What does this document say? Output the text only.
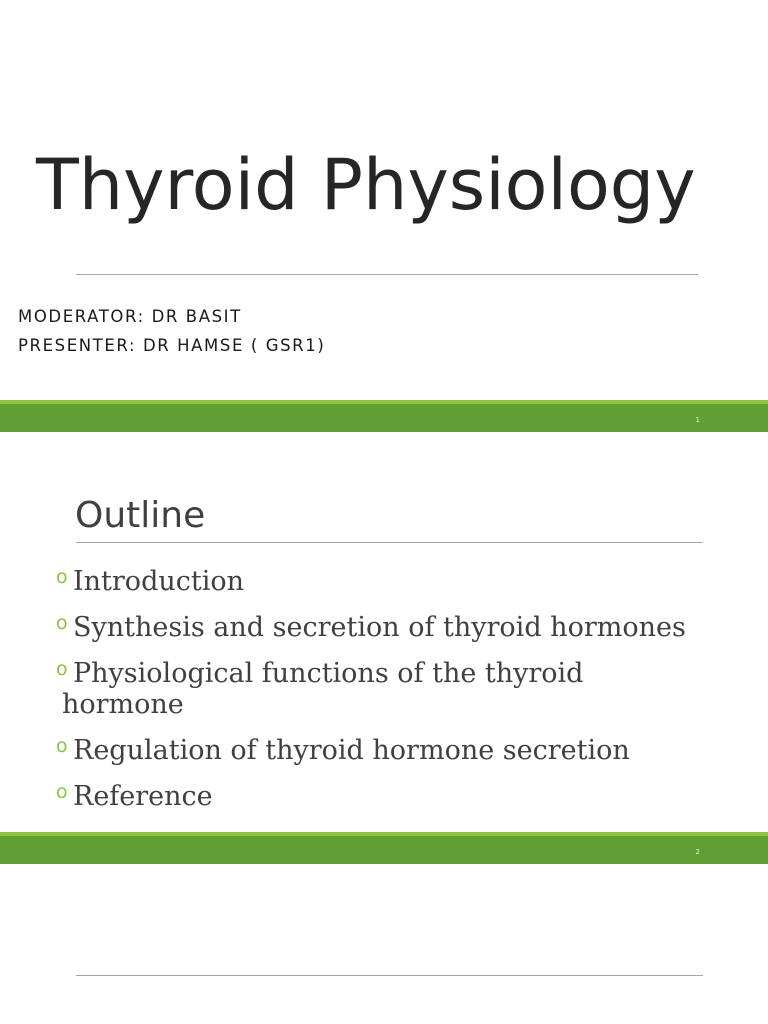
Thyroid Physiology
MODERATOR: DR BASIT
PRESENTER: DR HAMSE ( GSR1)
1
Outline
o Introduction
o Synthesis and secretion of thyroid hormones
o Physiological functions of the thyroid
hormone
o Regulation of thyroid hormone secretion
o Reference
2
